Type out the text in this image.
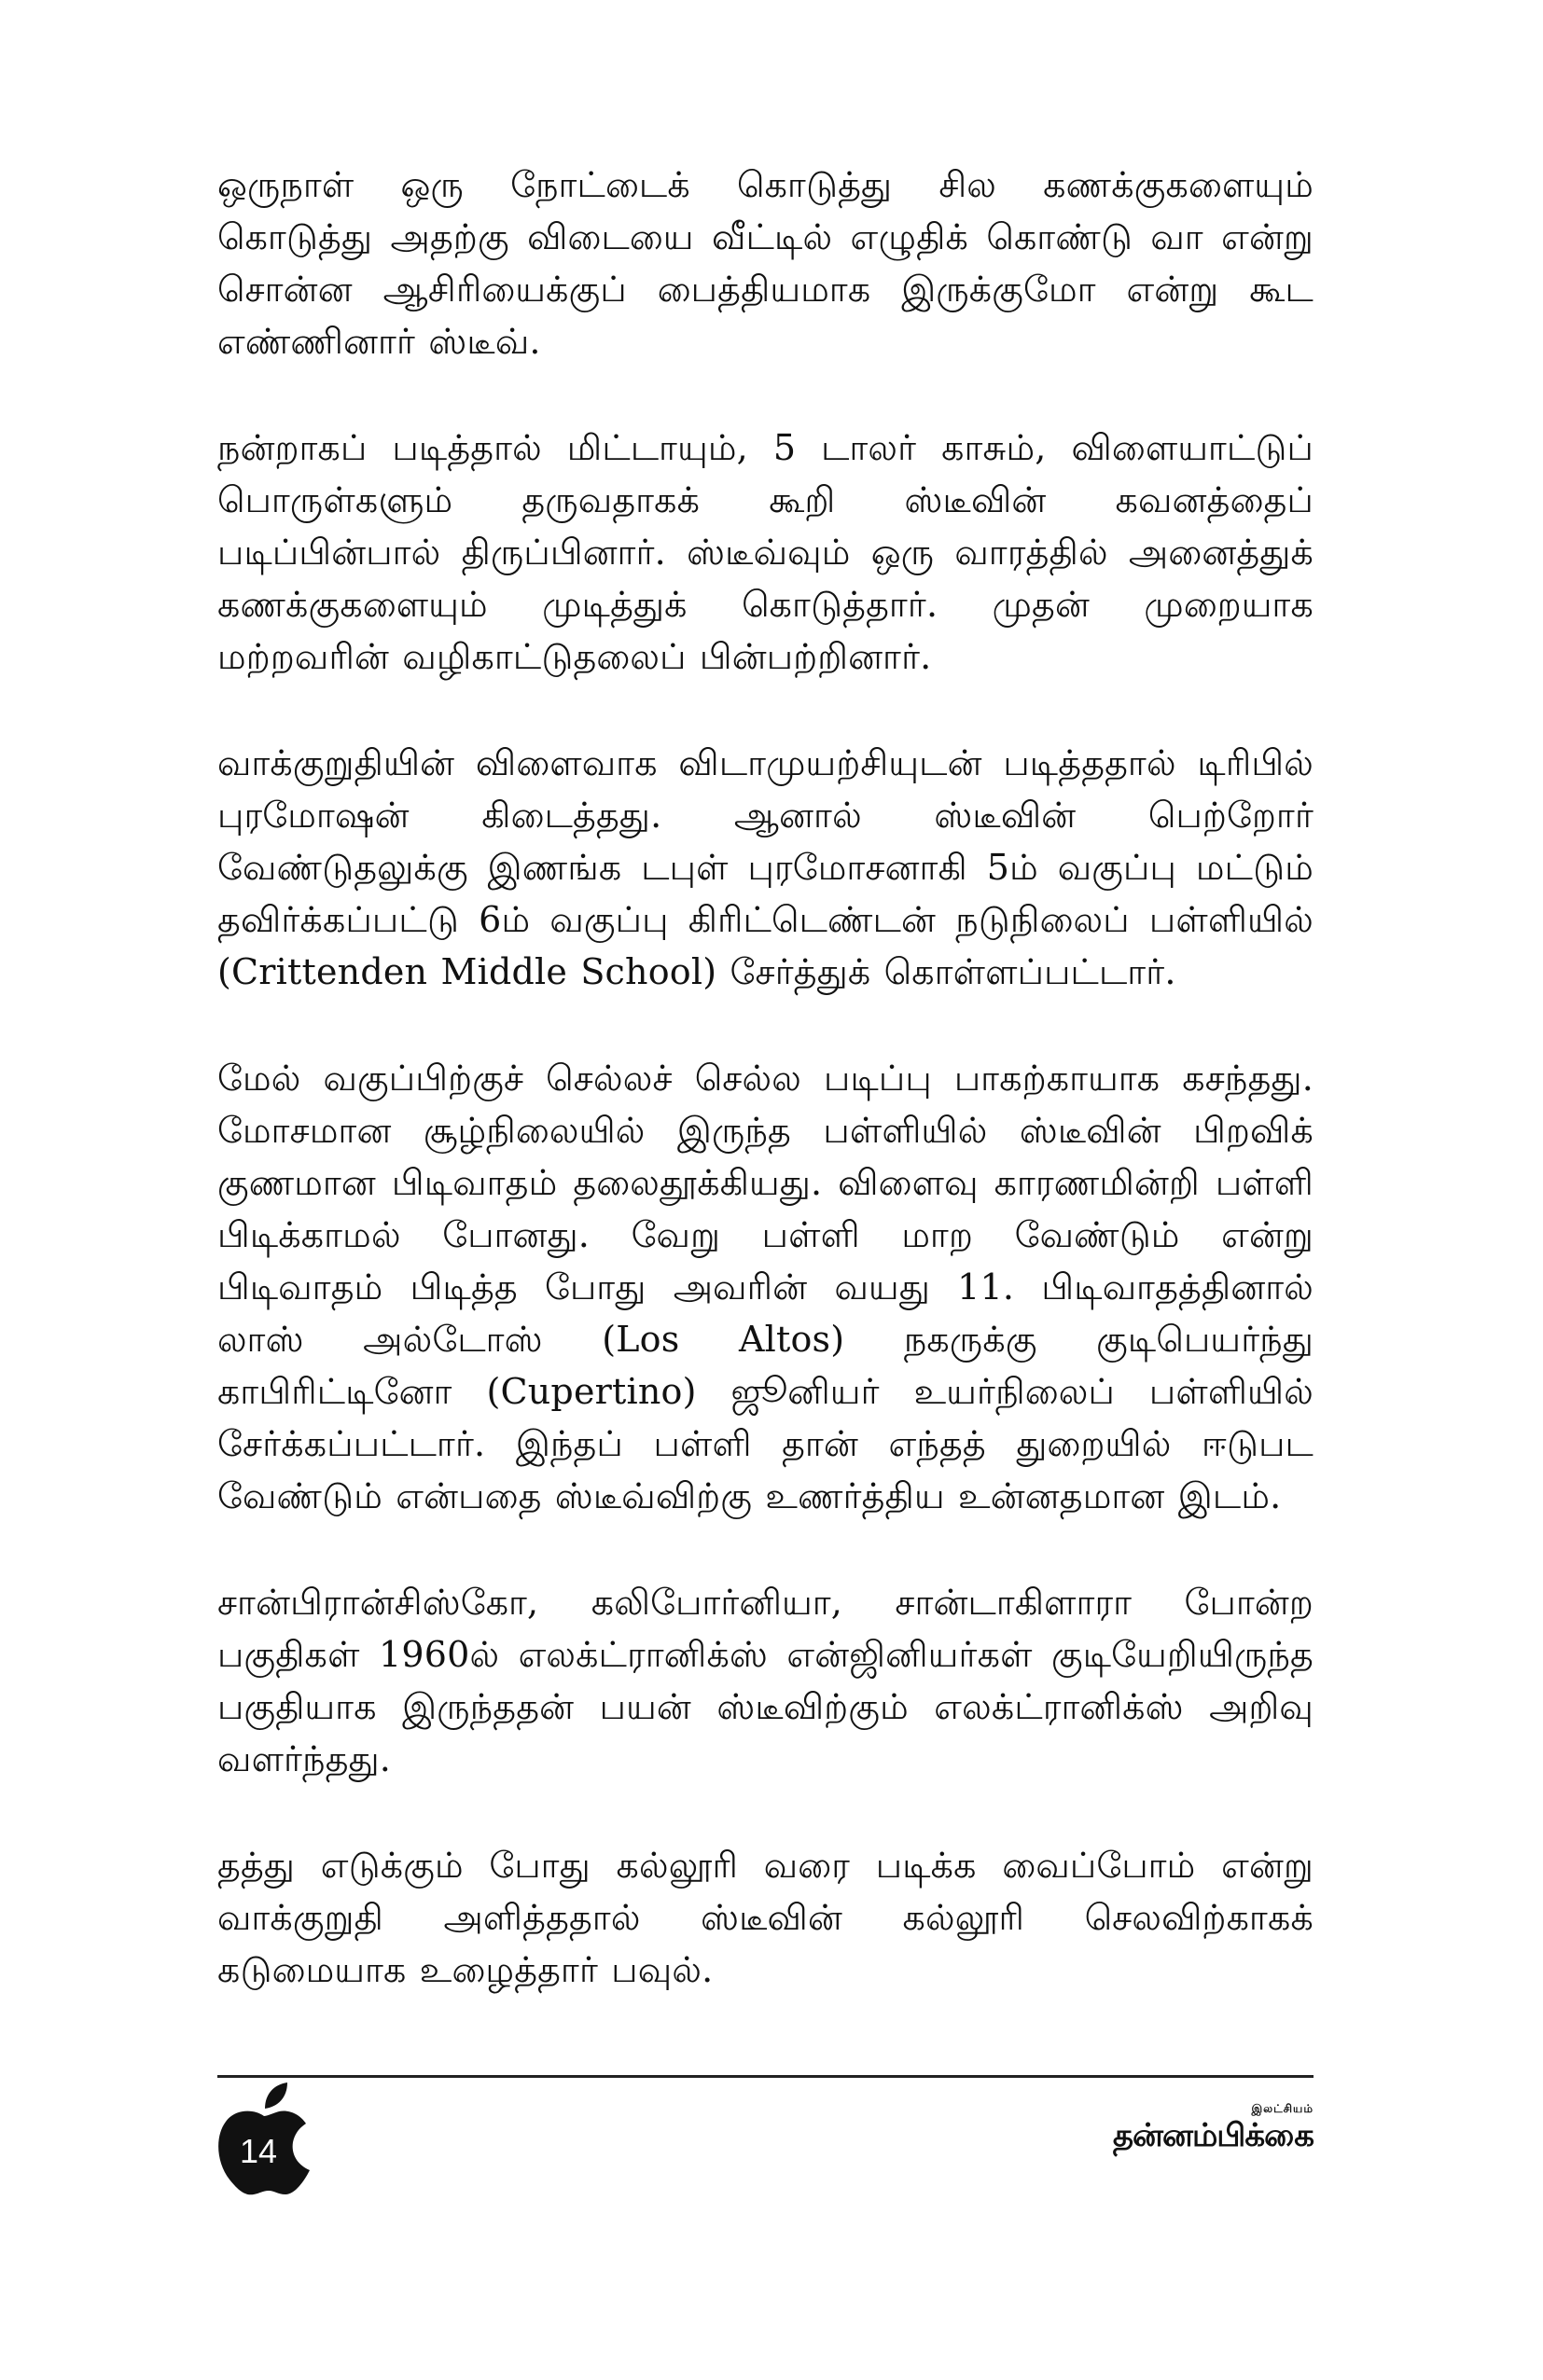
ஒருநாள் ஒரு நோட்டைக் கொடுத்து சில கணக்குகளையும் கொடுத்து அதற்கு விடையை வீட்டில் எழுதிக் கொண்டு வா என்று சொன்ன ஆசிரியைக்குப் பைத்தியமாக இருக்குமோ என்று கூட எண்ணினார் ஸ்டீவ்.

நன்றாகப் படித்தால் மிட்டாயும், 5 டாலர் காசும், விளையாட்டுப் பொருள்களும் தருவதாகக் கூறி ஸ்டீவின் கவனத்தைப் படிப்பின்பால் திருப்பினார். ஸ்டீவ்வும் ஒரு வாரத்தில் அனைத்துக் கணக்குகளையும் முடித்துக் கொடுத்தார். முதன் முறையாக மற்றவரின் வழிகாட்டுதலைப் பின்பற்றினார்.

வாக்குறுதியின் விளைவாக விடாமுயற்சியுடன் படித்ததால் டிரிபில் புரமோஷன் கிடைத்தது. ஆனால் ஸ்டீவின் பெற்றோர் வேண்டுதலுக்கு இணங்க டபுள் புரமோசனாகி 5ம் வகுப்பு மட்டும் தவிர்க்கப்பட்டு 6ம் வகுப்பு கிரிட்டெண்டன் நடுநிலைப் பள்ளியில் (Crittenden Middle School) சேர்த்துக் கொள்ளப்பட்டார்.

மேல் வகுப்பிற்குச் செல்லச் செல்ல படிப்பு பாகற்காயாக கசந்தது. மோசமான சூழ்நிலையில் இருந்த பள்ளியில் ஸ்டீவின் பிறவிக் குணமான பிடிவாதம் தலைதூக்கியது. விளைவு காரணமின்றி பள்ளி பிடிக்காமல் போனது. வேறு பள்ளி மாற வேண்டும் என்று பிடிவாதம் பிடித்த போது அவரின் வயது 11. பிடிவாதத்தினால் லாஸ் அல்டோஸ் (Los Altos) நகருக்கு குடிபெயர்ந்து காபிரிட்டினோ (Cupertino) ஜூனியர் உயர்நிலைப் பள்ளியில் சேர்க்கப்பட்டார். இந்தப் பள்ளி தான் எந்தத் துறையில் ஈடுபட வேண்டும் என்பதை ஸ்டீவ்விற்கு உணர்த்திய உன்னதமான இடம்.

சான்பிரான்சிஸ்கோ, கலிபோர்னியா, சான்டாகிளாரா போன்ற பகுதிகள் 1960ல் எலக்ட்ரானிக்ஸ் என்ஜினியர்கள் குடியேறியிருந்த பகுதியாக இருந்ததன் பயன் ஸ்டீவிற்கும் எலக்ட்ரானிக்ஸ் அறிவு வளர்ந்தது.

தத்து எடுக்கும் போது கல்லூரி வரை படிக்க வைப்போம் என்று வாக்குறுதி அளித்ததால் ஸ்டீவின் கல்லூரி செலவிற்காகக் கடுமையாக உழைத்தார் பவுல்.

14
இலட்சியம்
தன்னம்பிக்கை
